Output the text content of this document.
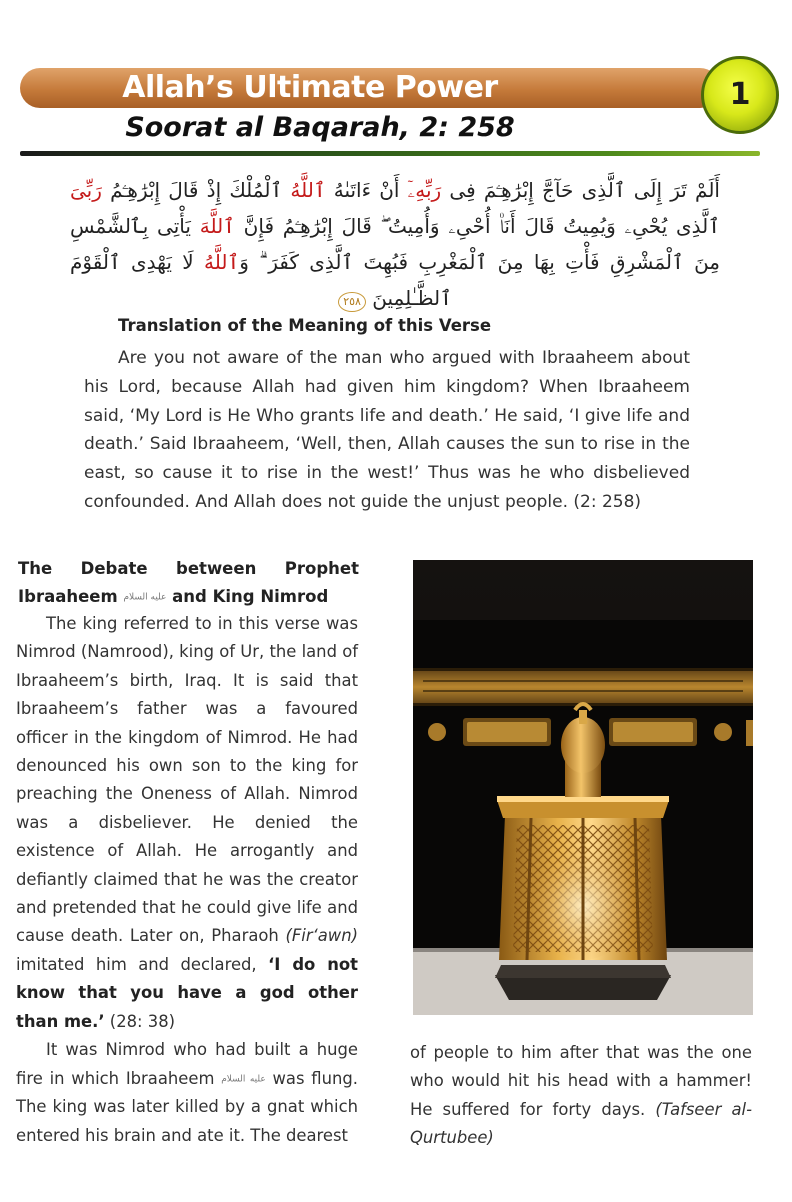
Allah’s Ultimate Power	1
Soorat al Baqarah, 2: 258
أَلَمْ تَرَ إِلَى ٱلَّذِى حَآجَّ إِبْرَٰهِـۧمَ فِى رَبِّهِۦٓ أَنْ ءَاتَىٰهُ ٱللَّهُ ٱلْمُلْكَ إِذْ قَالَ إِبْرَٰهِـۧمُ رَبِّىَ ٱلَّذِى يُحْىِۦ وَيُمِيتُ قَالَ أَنَا۠ أُحْىِۦ وَأُمِيتُ ۖ قَالَ إِبْرَٰهِـۧمُ فَإِنَّ ٱللَّهَ يَأْتِى بِٱلشَّمْسِ مِنَ ٱلْمَشْرِقِ فَأْتِ بِهَا مِنَ ٱلْمَغْرِبِ فَبُهِتَ ٱلَّذِى كَفَرَ ۗ وَٱللَّهُ لَا يَهْدِى ٱلْقَوْمَ ٱلظَّـٰلِمِينَ ٢٥٨
Translation of the Meaning of this Verse
Are you not aware of the man who argued with Ibraaheem about his Lord, because Allah had given him kingdom? When Ibraaheem said, ‘My Lord is He Who grants life and death.’ He said, ‘I give life and death.’ Said Ibraaheem, ‘Well, then, Allah causes the sun to rise in the east, so cause it to rise in the west!’ Thus was he who disbelieved confounded. And Allah does not guide the unjust people. (2: 258)
The Debate between Prophet Ibraaheem عليه السلام and King Nimrod

The king referred to in this verse was Nimrod (Namrood), king of Ur, the land of Ibraaheem’s birth, Iraq. It is said that Ibraaheem’s father was a favoured officer in the kingdom of Nimrod. He had denounced his own son to the king for preaching the Oneness of Allah. Nimrod was a disbeliever. He denied the existence of Allah. He arrogantly and defiantly claimed that he was the creator and pretended that he could give life and cause death. Later on, Pharaoh (Fir‘awn) imitated him and declared, ‘I do not know that you have a god other than me.’ (28: 38)

It was Nimrod who had built a huge fire in which Ibraaheem عليه السلام was flung. The king was later killed by a gnat which entered his brain and ate it. The dearest

of people to him after that was the one who would hit his head with a hammer! He suffered for forty days. (Tafseer al-Qurtubee)
